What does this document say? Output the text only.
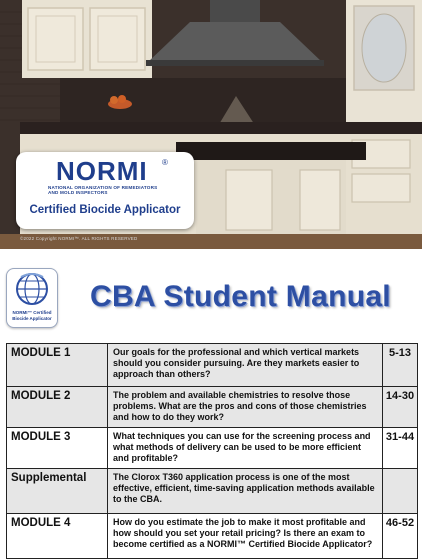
NORMI ®
NATIONAL ORGANIZATION OF REMEDIATORS AND MOLD INSPECTORS
Certified Biocide Applicator
©2022 Copyright NORMI™. ALL RIGHTS RESERVED
NORMI™ Certified
Biocide Applicator
CBA Student Manual
MODULE 1	Our goals for the professional and which vertical markets should you consider pursuing. Are they markets easier to approach than others?	5-13
MODULE 2	The problem and available chemistries to resolve those problems. What are the pros and cons of those chemistries and how to do they work?	14-30
MODULE 3	What techniques you can use for the screening process and what methods of delivery can be used to be more efficient and profitable?	31-44
Supplemental	The Clorox T360 application process is one of the most effective, efficient, time-saving application methods available to the CBA.	
MODULE 4	How do you estimate the job to make it most profitable and how should you set your retail pricing? Is there an exam to become certified as a NORMI™ Certified Biocide Applicator?	46-52
